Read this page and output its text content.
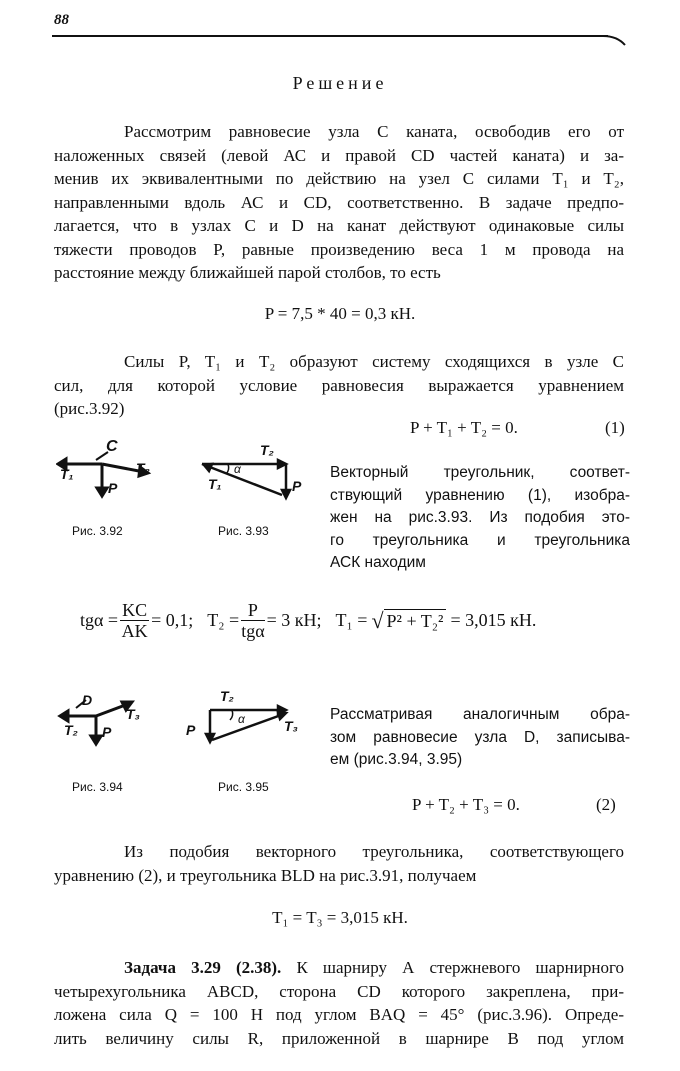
88
Решение
Рассмотрим равновесие узла С каната, освободив его от
наложенных связей (левой АС и правой CD частей каната) и за-
менив их эквивалентными по действию на узел С силами T₁ и T₂,
направленными вдоль АС и CD, соответственно. В задаче предпо-
лагается, что в узлах С и D на канат действуют одинаковые силы
тяжести проводов P, равные произведению веса 1 м провода на
расстояние между ближайшей парой столбов, то есть
P = 7,5 * 40 = 0,3 кН.
Силы P, T₁ и T₂ образуют систему сходящихся в узле С
сил, для которой условие равновесия выражается уравнением
(рис.3.92)
P + T₁ + T₂ = 0.	(1)
C
T₁	T₂
P
Рис. 3.92
T₂
α
T₁	P
Рис. 3.93
Векторный треугольник, соответ-
ствующий уравнению (1), изобра-
жен на рис.3.93. Из подобия это-
го треугольника и треугольника
АСК находим
$tg\alpha = \frac{KC}{AK} = 0,1$; $T_2 = \frac{P}{\text{tgα}} = 3$ кН; T₁ = √ P² + T₂² = 3,015 кН.
D
T₃
T₂ P
Рис. 3.94
T₂
α
P	T₃
Рис. 3.95
Рассматривая аналогичным обра-
зом равновесие узла D, записыва-
ем (рис.3.94, 3.95)
P + T₂ + T₃ = 0.	(2)
Из подобия векторного треугольника, соответствующего
уравнению (2), и треугольника BLD на рис.3.91, получаем
T₁ = T₃ = 3,015 кН.
Задача 3.29 (2.38). К шарниру А стержневого шарнирного
четырехугольника ABCD, сторона CD которого закреплена, при-
ложена сила Q = 100 Н под углом BAQ = 45° (рис.3.96). Опреде-
лить величину силы R, приложенной в шарнире В под углом
